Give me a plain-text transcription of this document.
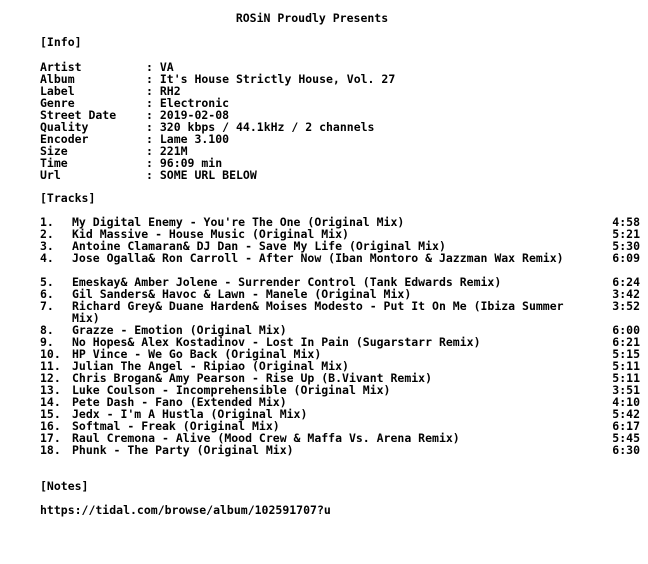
ROSiN Proudly Presents
[Info]
Artist	: VA
Album	: It's House Strictly House, Vol. 27
Label	: RH2
Genre	: Electronic
Street Date	: 2019-02-08
Quality	: 320 kbps / 44.1kHz / 2 channels
Encoder	: Lame 3.100
Size	: 221M
Time	: 96:09 min
Url	: SOME URL BELOW
[Tracks]
1.	My Digital Enemy - You're The One (Original Mix)	4:58
2.	Kid Massive - House Music (Original Mix)	5:21
3.	Antoine Clamaran& DJ Dan - Save My Life (Original Mix)	5:30
4.	Jose Ogalla& Ron Carroll - After Now (Iban Montoro & Jazzman Wax Remix)	6:09
5.	Emeskay& Amber Jolene - Surrender Control (Tank Edwards Remix)	6:24
6.	Gil Sanders& Havoc & Lawn - Manele (Original Mix)	3:42
7.	Richard Grey& Duane Harden& Moises Modesto - Put It On Me (Ibiza Summer Mix)
3:52
8.	Grazze - Emotion (Original Mix)	6:00
9.	No Hopes& Alex Kostadinov - Lost In Pain (Sugarstarr Remix)	6:21
10. HP Vince - We Go Back (Original Mix)	5:15
11. Julian The Angel - Ripiao (Original Mix)	5:11
12. Chris Brogan& Amy Pearson - Rise Up (B.Vivant Remix)	5:11
13. Luke Coulson - Incomprehensible (Original Mix)	3:51
14. Pete Dash - Fano (Extended Mix)	4:10
15. Jedx - I'm A Hustla (Original Mix)	5:42
16. Softmal - Freak (Original Mix)	6:17
17. Raul Cremona - Alive (Mood Crew & Maffa Vs. Arena Remix)	5:45
18. Phunk - The Party (Original Mix)	6:30
[Notes]
https://tidal.com/browse/album/102591707?u
